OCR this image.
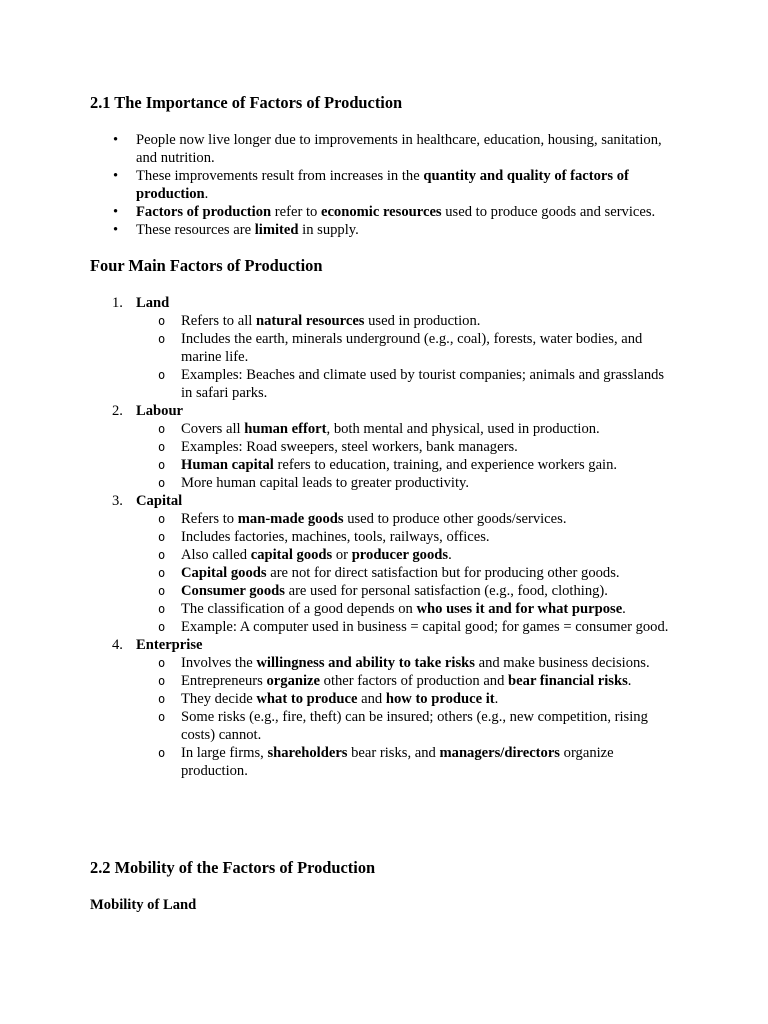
2.1 The Importance of Factors of Production
• People now live longer due to improvements in healthcare, education, housing, sanitation, and nutrition.
• These improvements result from increases in the quantity and quality of factors of production.
• Factors of production refer to economic resources used to produce goods and services.
• These resources are limited in supply.
Four Main Factors of Production
1. Land
o Refers to all natural resources used in production.
o Includes the earth, minerals underground (e.g., coal), forests, water bodies, and marine life.
o Examples: Beaches and climate used by tourist companies; animals and grasslands in safari parks.
2. Labour
o Covers all human effort, both mental and physical, used in production.
o Examples: Road sweepers, steel workers, bank managers.
o Human capital refers to education, training, and experience workers gain.
o More human capital leads to greater productivity.
3. Capital
o Refers to man-made goods used to produce other goods/services.
o Includes factories, machines, tools, railways, offices.
o Also called capital goods or producer goods.
o Capital goods are not for direct satisfaction but for producing other goods.
o Consumer goods are used for personal satisfaction (e.g., food, clothing).
o The classification of a good depends on who uses it and for what purpose.
o Example: A computer used in business = capital good; for games = consumer good.
4. Enterprise
o Involves the willingness and ability to take risks and make business decisions.
o Entrepreneurs organize other factors of production and bear financial risks.
o They decide what to produce and how to produce it.
o Some risks (e.g., fire, theft) can be insured; others (e.g., new competition, rising costs) cannot.
o In large firms, shareholders bear risks, and managers/directors organize production.
2.2 Mobility of the Factors of Production
Mobility of Land
